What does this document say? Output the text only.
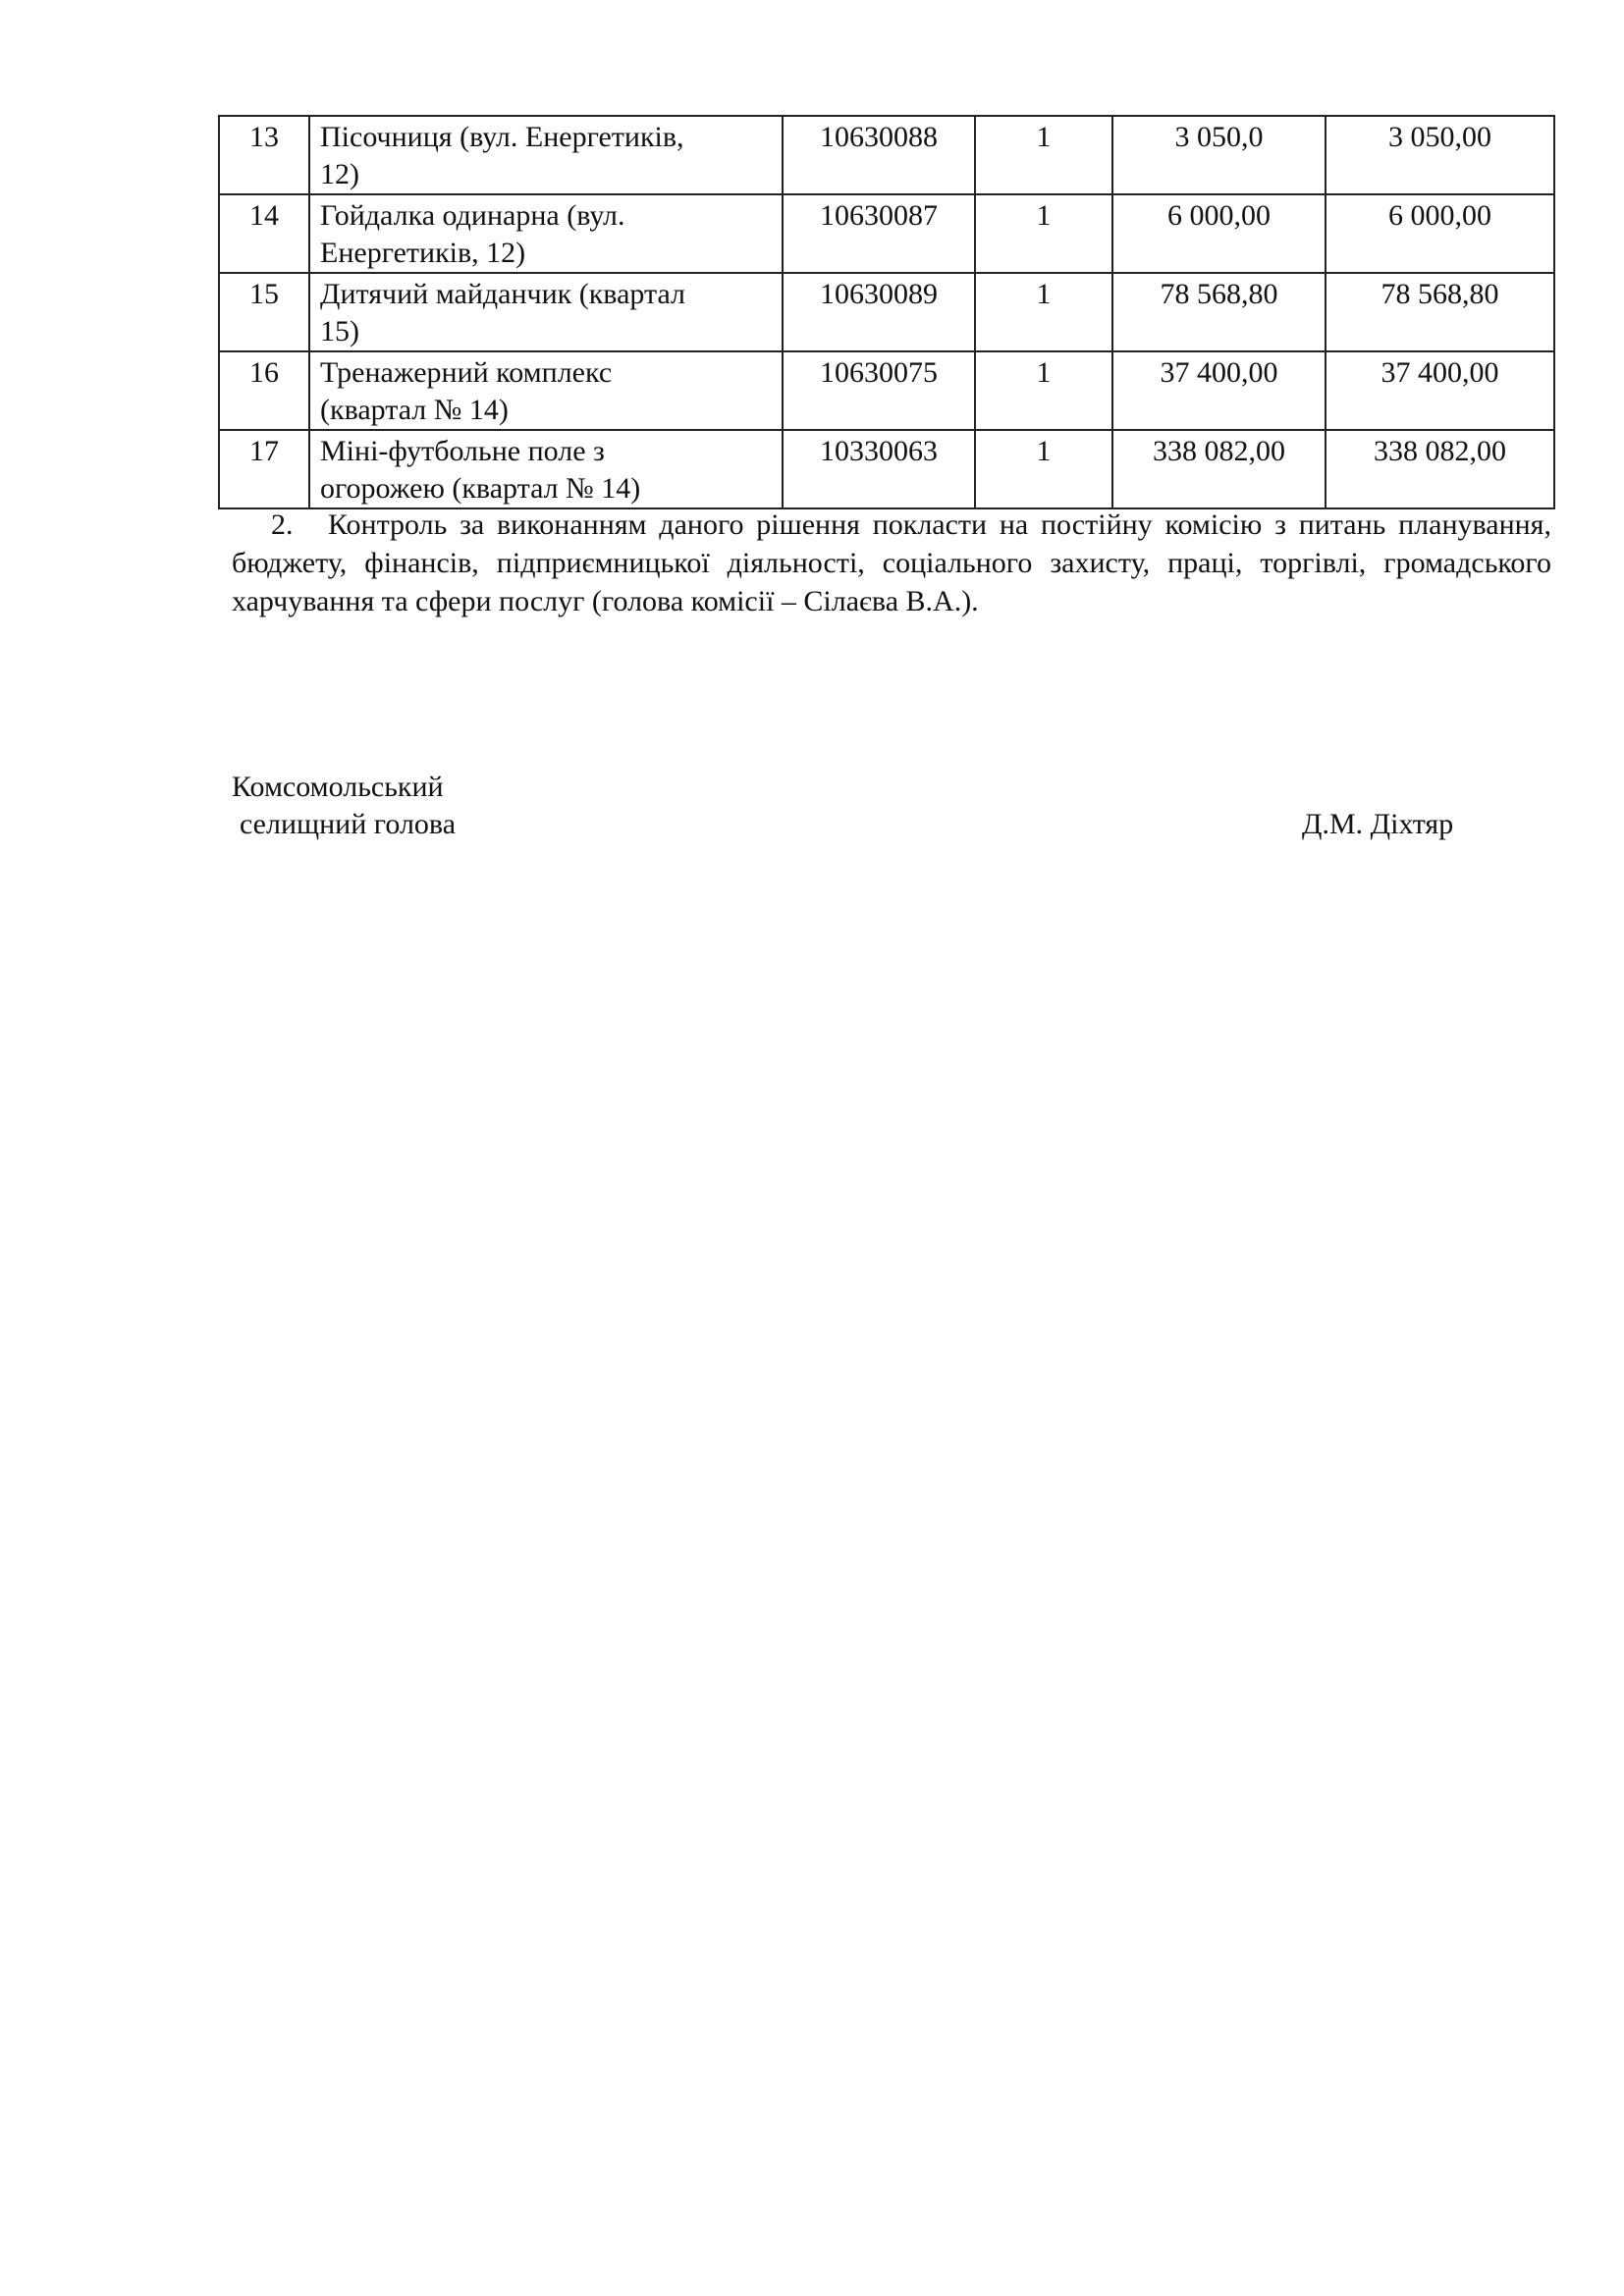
13	Пісочниця (вул. Енергетиків,
12)	10630088	1	3 050,0	3 050,00
14	Гойдалка одинарна (вул.
Енергетиків, 12)	10630087	1	6 000,00	6 000,00
15	Дитячий майданчик (квартал
15)	10630089	1	78 568,80	78 568,80
16	Тренажерний комплекс
(квартал № 14)	10630075	1	37 400,00	37 400,00
17	Міні-футбольне поле з
огорожею (квартал № 14)	10330063	1	338 082,00	338 082,00
2. Контроль за виконанням даного рішення покласти на постійну комісію з питань планування, бюджету, фінансів, підприємницької діяльності, соціального захисту, праці, торгівлі, громадського харчування та сфери послуг (голова комісії – Сілаєва В.А.).
Комсомольський
селищний голова	Д.М. Діхтяр
